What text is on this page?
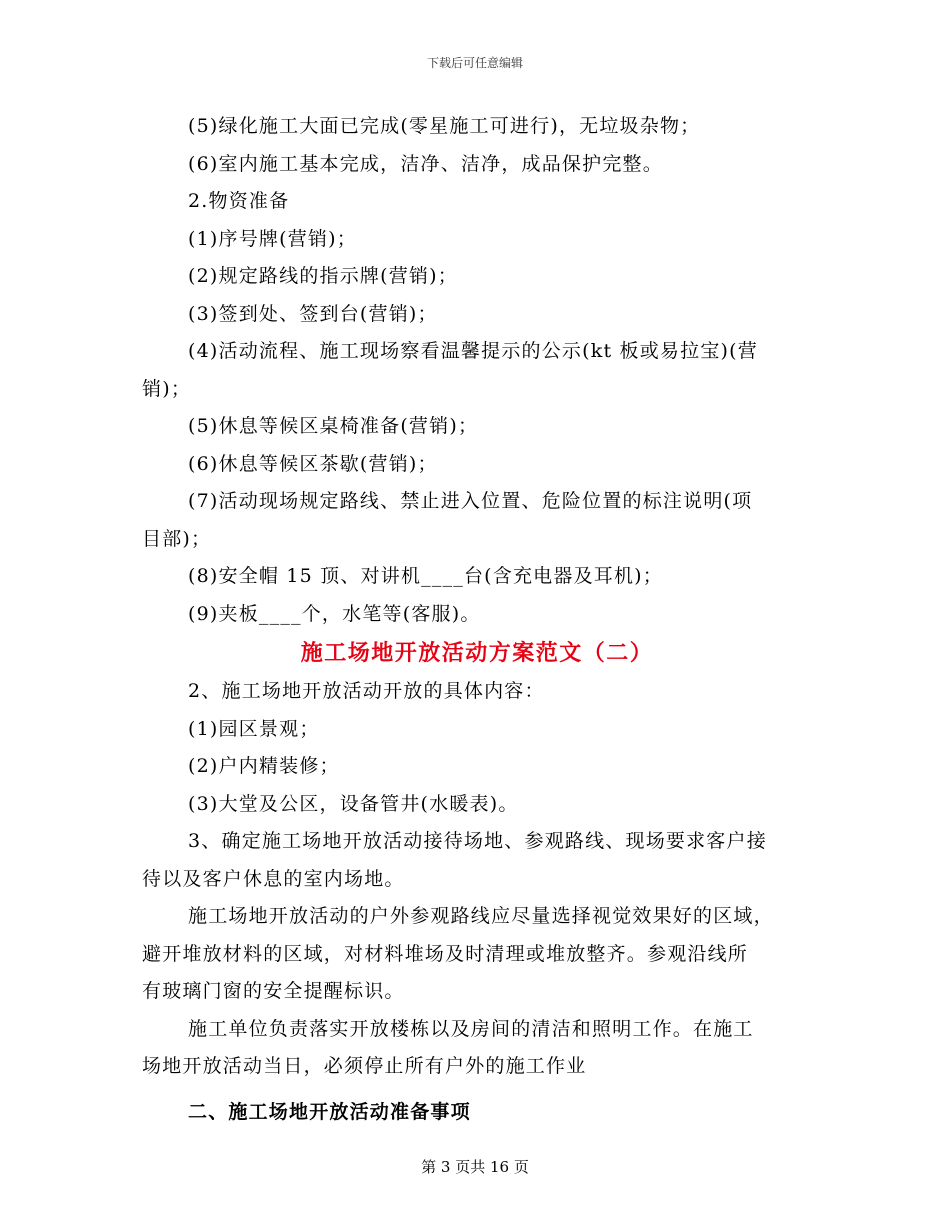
下载后可任意编辑
(5)绿化施工大面已完成(零星施工可进行)，无垃圾杂物；
(6)室内施工基本完成，洁净、洁净，成品保护完整。
2.物资准备
(1)序号牌(营销)；
(2)规定路线的指示牌(营销)；
(3)签到处、签到台(营销)；
(4)活动流程、施工现场察看温馨提示的公示(kt 板或易拉宝)(营
销)；
(5)休息等候区桌椅准备(营销)；
(6)休息等候区茶歇(营销)；
(7)活动现场规定路线、禁止进入位置、危险位置的标注说明(项
目部)；
(8)安全帽 15 顶、对讲机____台(含充电器及耳机)；
(9)夹板____个，水笔等(客服)。
施工场地开放活动方案范文（二）
2、施工场地开放活动开放的具体内容：
(1)园区景观；
(2)户内精装修；
(3)大堂及公区，设备管井(水暖表)。
3、确定施工场地开放活动接待场地、参观路线、现场要求客户接
待以及客户休息的室内场地。
施工场地开放活动的户外参观路线应尽量选择视觉效果好的区域，
避开堆放材料的区域，对材料堆场及时清理或堆放整齐。参观沿线所
有玻璃门窗的安全提醒标识。
施工单位负责落实开放楼栋以及房间的清洁和照明工作。在施工
场地开放活动当日，必须停止所有户外的施工作业
二、施工场地开放活动准备事项
第 3 页共 16 页
